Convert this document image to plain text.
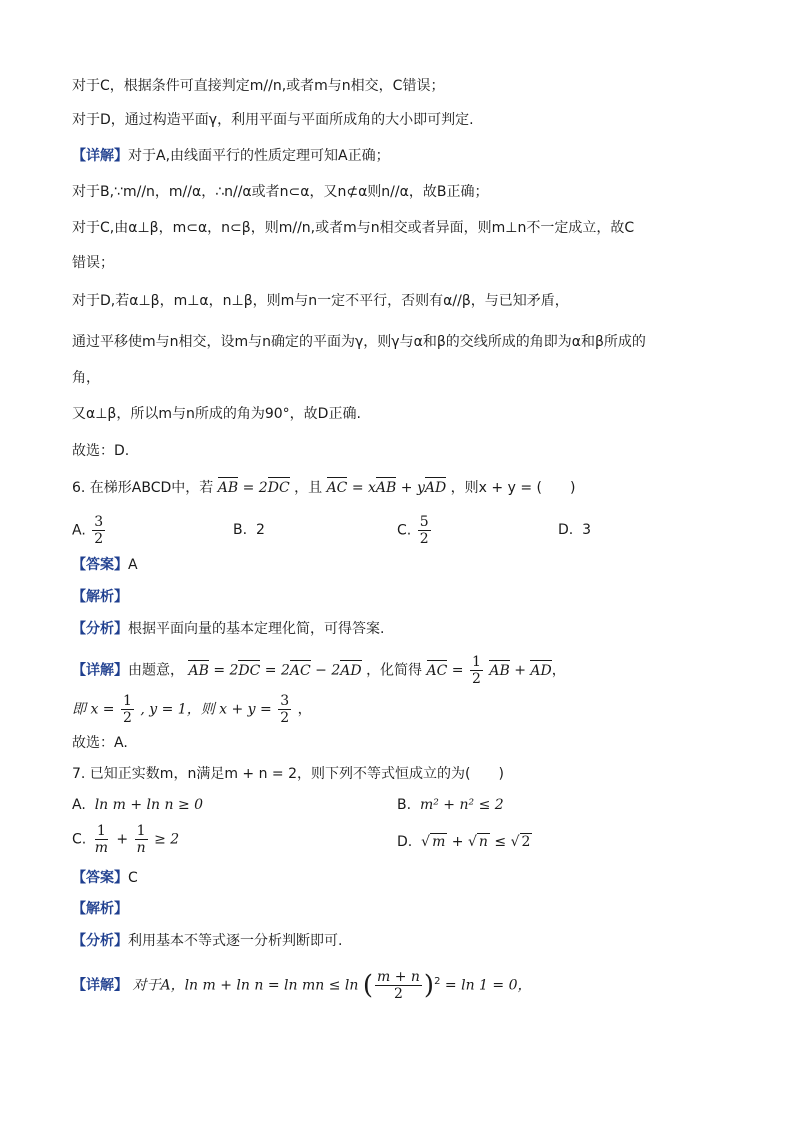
对于C，根据条件可直接判定m//n,或者m与n相交，C错误；
对于D，通过构造平面γ，利用平面与平面所成角的大小即可判定.
【详解】对于A,由线面平行的性质定理可知A正确；
对于B,∵m//n，m//α，∴n//α或者n⊂α，又n⊄α则n//α，故B正确；
对于C,由α⊥β，m⊂α，n⊂β，则m//n,或者m与n相交或者异面，则m⊥n不一定成立，故C
错误；
对于D,若α⊥β，m⊥α，n⊥β，则m与n一定不平行，否则有α//β，与已知矛盾，
通过平移使m与n相交，设m与n确定的平面为γ，则γ与α和β的交线所成的角即为α和β所成的
角，
又α⊥β，所以m与n所成的角为90°，故D正确.
故选：D.
6. 在梯形ABCD中，若 AB = 2DC ，且 AC = xAB + yAD ，则x + y = (　　)
A. $\frac{3}{2}$	B. 2	C. $\frac{5}{2}$	D. 3
【答案】A
【解析】
【分析】根据平面向量的基本定理化简，可得答案.
【详解】由题意， AB = 2DC = 2AC − 2AD ，化简得 AC = $\frac{1}{2}$ AB + AD，
即 $x = \frac{1}{2}$ , y = 1，则 $x + y = \frac{3}{2}$ ，
故选：A.
7. 已知正实数m，n满足m + n = 2，则下列不等式恒成立的为(　　)
A. ln m + ln n ≥ 0	B. m² + n² ≤ 2
C. $\frac{1}{m} + \frac{1}{n} \ge 2$	D. √ m + √ n ≤ √ 2
【答案】C
【解析】
【分析】利用基本不等式逐一分析判断即可.
【详解】 对于A，ln m + ln n = ln mn ≤ ln ( $\frac{m + n}{2} )^2 = \ln 1 = 0$，
